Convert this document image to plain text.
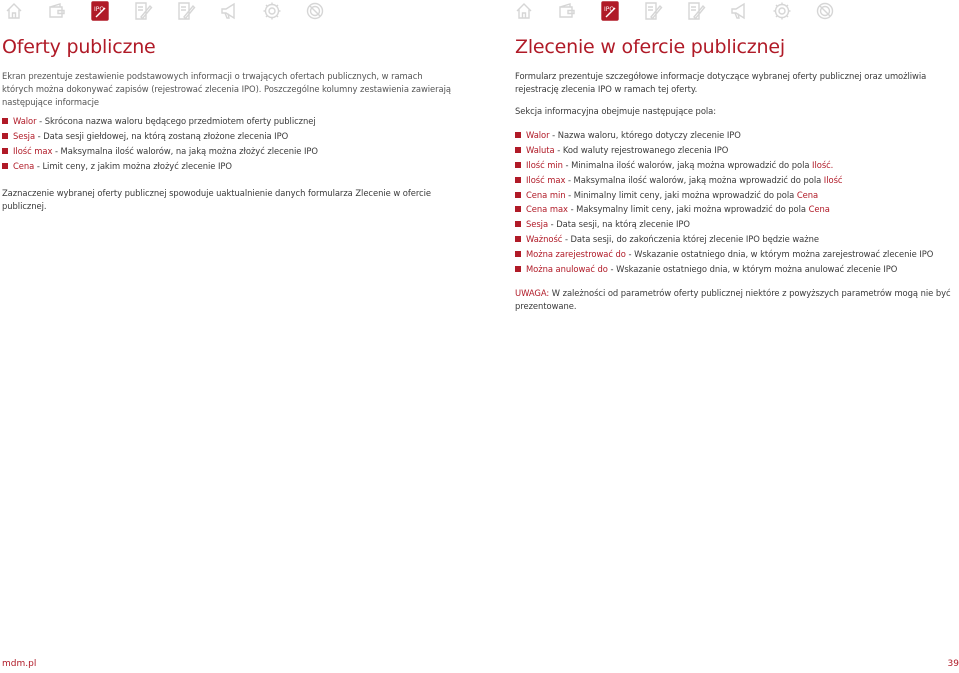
IPO	IPO
Oferty publiczne

Ekran prezentuje zestawienie podstawowych informacji o trwających ofertach publicznych, w ramach których można dokonywać zapisów (rejestrować zlecenia IPO). Poszczególne kolumny zestawienia zawierają następujące informacje

Walor - Skrócona nazwa waloru będącego przedmiotem oferty publicznej
Sesja - Data sesji giełdowej, na którą zostaną złożone zlecenia IPO
Ilość max - Maksymalna ilość walorów, na jaką można złożyć zlecenie IPO
Cena - Limit ceny, z jakim można złożyć zlecenie IPO

Zaznaczenie wybranej oferty publicznej spowoduje uaktualnienie danych formularza Zlecenie w ofercie publicznej.

Zlecenie w ofercie publicznej

Formularz prezentuje szczegółowe informacje dotyczące wybranej oferty publicznej oraz umożliwia rejestrację zlecenia IPO w ramach tej oferty.

Sekcja informacyjna obejmuje następujące pola:

Walor - Nazwa waloru, którego dotyczy zlecenie IPO
Waluta - Kod waluty rejestrowanego zlecenia IPO
Ilość min - Minimalna ilość walorów, jaką można wprowadzić do pola Ilość.
Ilość max - Maksymalna ilość walorów, jaką można wprowadzić do pola Ilość
Cena min - Minimalny limit ceny, jaki można wprowadzić do pola Cena
Cena max - Maksymalny limit ceny, jaki można wprowadzić do pola Cena
Sesja - Data sesji, na którą zlecenie IPO
Ważność - Data sesji, do zakończenia której zlecenie IPO będzie ważne
Można zarejestrować do - Wskazanie ostatniego dnia, w którym można zarejestrować zlecenie IPO
Można anulować do - Wskazanie ostatniego dnia, w którym można anulować zlecenie IPO

UWAGA: W zależności od parametrów oferty publicznej niektóre z powyższych parametrów mogą nie być prezentowane.

mdm.pl	39
